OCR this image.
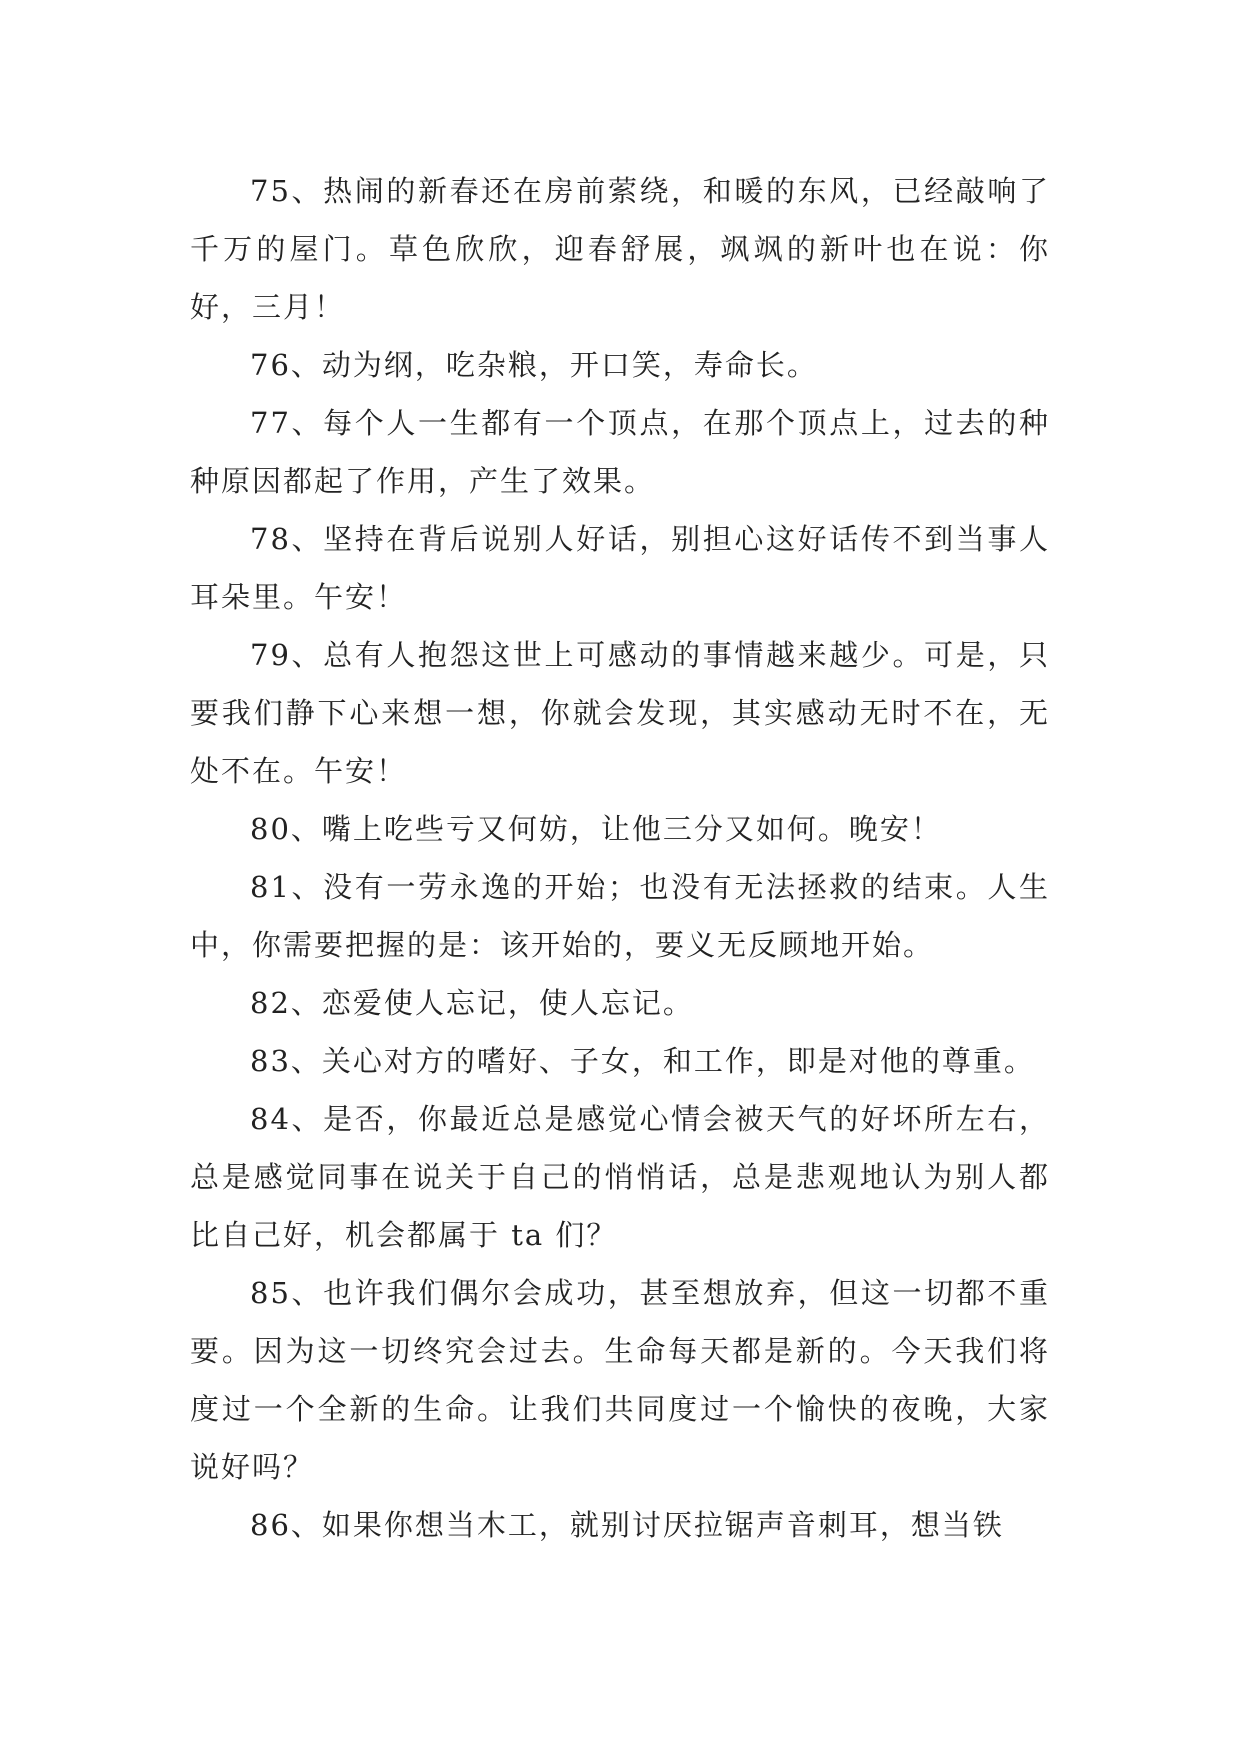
75、热闹的新春还在房前萦绕，和暖的东风，已经敲响了千万的屋门。草色欣欣，迎春舒展，飒飒的新叶也在说：你好，三月！

76、动为纲，吃杂粮，开口笑，寿命长。

77、每个人一生都有一个顶点，在那个顶点上，过去的种种原因都起了作用，产生了效果。

78、坚持在背后说别人好话，别担心这好话传不到当事人耳朵里。午安！

79、总有人抱怨这世上可感动的事情越来越少。可是，只要我们静下心来想一想，你就会发现，其实感动无时不在，无处不在。午安！

80、嘴上吃些亏又何妨，让他三分又如何。晚安！

81、没有一劳永逸的开始；也没有无法拯救的结束。人生中，你需要把握的是：该开始的，要义无反顾地开始。

82、恋爱使人忘记，使人忘记。

83、关心对方的嗜好、子女，和工作，即是对他的尊重。

84、是否，你最近总是感觉心情会被天气的好坏所左右，总是感觉同事在说关于自己的悄悄话，总是悲观地认为别人都比自己好，机会都属于 ta 们？

85、也许我们偶尔会成功，甚至想放弃，但这一切都不重要。因为这一切终究会过去。生命每天都是新的。今天我们将度过一个全新的生命。让我们共同度过一个愉快的夜晚，大家说好吗？

86、如果你想当木工，就别讨厌拉锯声音刺耳，想当铁
